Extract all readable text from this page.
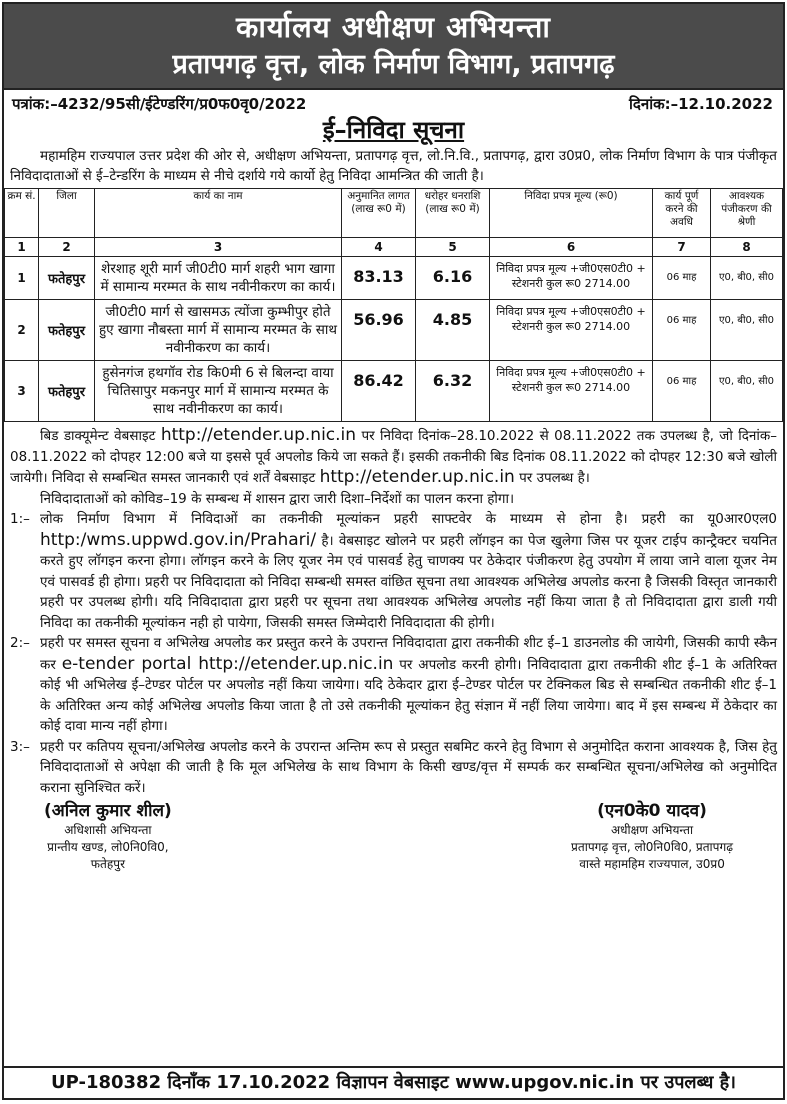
कार्यालय अधीक्षण अभियन्ता
प्रतापगढ़ वृत्त, लोक निर्माण विभाग, प्रतापगढ़
पत्रांक:–4232/95सी/ईटेण्डरिंग/प्र0फ0वृ0/2022	दिनांक:–12.10.2022
ई–निविदा सूचना
महामहिम राज्यपाल उत्तर प्रदेश की ओर से, अधीक्षण अभियन्ता, प्रतापगढ़ वृत्त, लो.नि.वि., प्रतापगढ़, द्वारा उ0प्र0, लोक निर्माण विभाग के पात्र पंजीकृत निविदादाताओं से ई–टेन्डरिंग के माध्यम से नीचे दर्शाये गये कार्यो हेतु निविदा आमन्त्रित की जाती है।
क्रम सं.	जिला	कार्य का नाम	अनुमानित लागत (लाख रू0 में)	धरोहर धनराशि (लाख रू0 में)	निविदा प्रपत्र मूल्य (रू0)	कार्य पूर्ण करने की अवधि	आवश्यक पंजीकरण की श्रेणी
1	2	3	4	5	6	7	8
1	फतेहपुर	शेरशाह शूरी मार्ग जी0टी0 मार्ग शहरी भाग खागा में सामान्य मरम्मत के साथ नवीनीकरण का कार्य।	83.13	6.16	निविदा प्रपत्र मूल्य +जी0एस0टी0 + स्टेशनरी कुल रू0 2714.00	06 माह	ए0, बी0, सी0
2	फतेहपुर	जी0टी0 मार्ग से खासमऊ त्योंजा कुम्भीपुर होते हुए खागा नौबस्ता मार्ग में सामान्य मरम्मत के साथ नवीनीकरण का कार्य।	56.96	4.85	निविदा प्रपत्र मूल्य +जी0एस0टी0 + स्टेशनरी कुल रू0 2714.00	06 माह	ए0, बी0, सी0
3	फतेहपुर	हुसेनगंज हथगॉव रोड कि0मी 6 से बिलन्दा वाया चितिसापुर मकनपुर मार्ग में सामान्य मरम्मत के साथ नवीनीकरण का कार्य।	86.42	6.32	निविदा प्रपत्र मूल्य +जी0एस0टी0 + स्टेशनरी कुल रू0 2714.00	06 माह	ए0, बी0, सी0
बिड डाक्यूमेन्ट वेबसाइट http://etender.up.nic.in पर निविदा दिनांक–28.10.2022 से 08.11.2022 तक उपलब्ध है, जो दिनांक–08.11.2022 को दोपहर 12:00 बजे या इससे पूर्व अपलोड किये जा सकते हैं। इसकी तकनीकी बिड दिनांक 08.11.2022 को दोपहर 12:30 बजे खोली जायेगी। निविदा से सम्बन्धित समस्त जानकारी एवं शर्तें वेबसाइट http://etender.up.nic.in पर उपलब्ध है।
निविदादाताओं को कोविड–19 के सम्बन्ध में शासन द्वारा जारी दिशा–निर्देशों का पालन करना होगा।
1:– लोक निर्माण विभाग में निविदाओं का तकनीकी मूल्यांकन प्रहरी साफ्टवेर के माध्यम से होना है। प्रहरी का यू0आर0एल0 http:/wms.uppwd.gov.in/Prahari/ है। वेबसाइट खोलने पर प्रहरी लॉगइन का पेज खुलेगा जिस पर यूजर टाईप कान्ट्रैक्टर चयनित करते हुए लॉगइन करना होगा। लॉगइन करने के लिए यूजर नेम एवं पासवर्ड हेतु चाणक्य पर ठेकेदार पंजीकरण हेतु उपयोग में लाया जाने वाला यूजर नेम एवं पासवर्ड ही होगा। प्रहरी पर निविदादाता को निविदा सम्बन्धी समस्त वांछित सूचना तथा आवश्यक अभिलेख अपलोड करना है जिसकी विस्तृत जानकारी प्रहरी पर उपलब्ध होगी। यदि निविदादाता द्वारा प्रहरी पर सूचना तथा आवश्यक अभिलेख अपलोड नहीं किया जाता है तो निविदादाता द्वारा डाली गयी निविदा का तकनीकी मूल्यांकन नही हो पायेगा, जिसकी समस्त जिम्मेदारी निविदादाता की होगी।
2:– प्रहरी पर समस्त सूचना व अभिलेख अपलोड कर प्रस्तुत करने के उपरान्त निविदादाता द्वारा तकनीकी शीट ई–1 डाउनलोड की जायेगी, जिसकी कापी स्कैन कर e-tender portal http://etender.up.nic.in पर अपलोड करनी होगी। निविदादाता द्वारा तकनीकी शीट ई–1 के अतिरिक्त कोई भी अभिलेख ई–टेण्डर पोर्टल पर अपलोड नहीं किया जायेगा। यदि ठेकेदार द्वारा ई–टेण्डर पोर्टल पर टेक्निकल बिड से सम्बन्धित तकनीकी शीट ई–1 के अतिरिक्त अन्य कोई अभिलेख अपलोड किया जाता है तो उसे तकनीकी मूल्यांकन हेतु संज्ञान में नहीं लिया जायेगा। बाद में इस सम्बन्ध में ठेकेदार का कोई दावा मान्य नहीं होगा।
3:– प्रहरी पर कतिपय सूचना/अभिलेख अपलोड करने के उपरान्त अन्तिम रूप से प्रस्तुत सबमिट करने हेतु विभाग से अनुमोदित कराना आवश्यक है, जिस हेतु निविदादाताओं से अपेक्षा की जाती है कि मूल अभिलेख के साथ विभाग के किसी खण्ड/वृत्त में सम्पर्क कर सम्बन्धित सूचना/अभिलेख को अनुमोदित कराना सुनिश्चित करें।
(अनिल कुमार शील)
अधिशासी अभियन्ता
प्रान्तीय खण्ड, लो0नि0वि0,
फतेहपुर
(एन0के0 यादव)
अधीक्षण अभियन्ता
प्रतापगढ़ वृत्त, लो0नि0वि0, प्रतापगढ़
वास्ते महामहिम राज्यपाल, उ0प्र0
UP-180382 दिनाँक 17.10.2022 विज्ञापन वेबसाइट www.upgov.nic.in पर उपलब्ध है।
